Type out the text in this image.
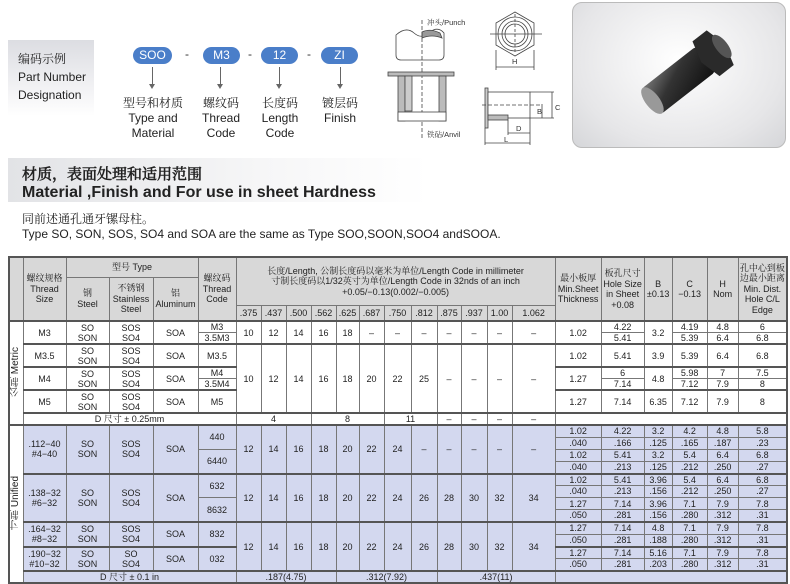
编码示例
Part Number
Designation
SOO	-	M3	-	12	-	ZI
型号和材质
Type and
Material
螺纹码
Thread
Code
长度码
Length
Code
镀层码
Finish
冲头/Punch
铁砧/Anvil
H
B C
D
L
材质，表面处理和适用范围
Material ,Finish and For use in sheet Hardness
同前述通孔通牙镙母柱。
Type SO, SON, SOS, SO4 and SOA are the same as Type SOO,SOON,SOO4 andSOOA.
	螺纹规格
Thread
Size	型号 Type			螺纹码
Thread
Code	长度/Length, 公制长度码以毫米为单位/Length Code in millimeter
寸制长度码以1/32英寸为单位/Length Code in 32nds of an inch
+0.05/−0.13(0.002/−0.005)												最小板厚
Min.Sheet
Thickness	板孔尺寸
Hole Size
in Sheet
+0.08	B
±0.13	C
−0.13	H
Nom	孔中心到板
边最小距离
Min. Dist.
Hole C/L
Edge
		钢
Steel	不锈钢
Stainless
Steel	铝
Aluminum																			
						.375	.437	.500	.562	.625	.687	.750	.812	.875	.937	1.00	1.062						
公制 Metric	M3	SO
SON	SOS
SO4	SOA	M3	10	12	14	16	18	–	–	–	–	–	–	–	1.02	4.22	3.2	4.19	4.8	6
					3.5M3														5.41		5.39	6.4	6.8
	M3.5	SO
SON	SOS
SO4	SOA	M3.5	10	12	14	16	18	20	22	25	–	–	–	–	1.02	5.41	3.9	5.39	6.4	6.8

	M4	SO
SON	SOS
SO4	SOA	M4													1.27	6	4.8	5.98	7	7.5
					3.5M4														7.14		7.12	7.9	8
	M5	SO
SON	SOS
SO4	SOA	M5													1.27	7.14	6.35	7.12	7.9	8

	D 尺寸 ± 0.25mm					4			8			11		–	–	–	–						
寸制 Unified	.112−40
#4−40	SO
SON	SOS
SO4	SOA	440	12	14	16	18	20	22	24	–	–	–	–	–	1.02	4.22	3.2	4.2	4.8	5.8
																		.040	.166	.125	.165	.187	.23
					6440													1.02	5.41	3.2	5.4	6.4	6.8
																		.040	.213	.125	.212	.250	.27
	.138−32
#6−32	SO
SON	SOS
SO4	SOA	632	12	14	16	18	20	22	24	26	28	30	32	34	1.02	5.41	3.96	5.4	6.4	6.8
																		.040	.213	.156	.212	.250	.27
					8632													1.27	7.14	3.96	7.1	7.9	7.8
																		.050	.281	.156	.280	.312	.31
	.164−32
#8−32	SO
SON	SOS
SO4	SOA	832	12	14	16	18	20	22	24	26	28	30	32	34	1.27	7.14	4.8	7.1	7.9	7.8
																		.050	.281	.188	.280	.312	.31
	.190−32
#10−32	SO
SON	SO
SO4	SOA	032													1.27	7.14	5.16	7.1	7.9	7.8
																		.050	.281	.203	.280	.312	.31
	D 尺寸 ± 0.1 in					.187(4.75)				.312(7.92)				.437(11)									
